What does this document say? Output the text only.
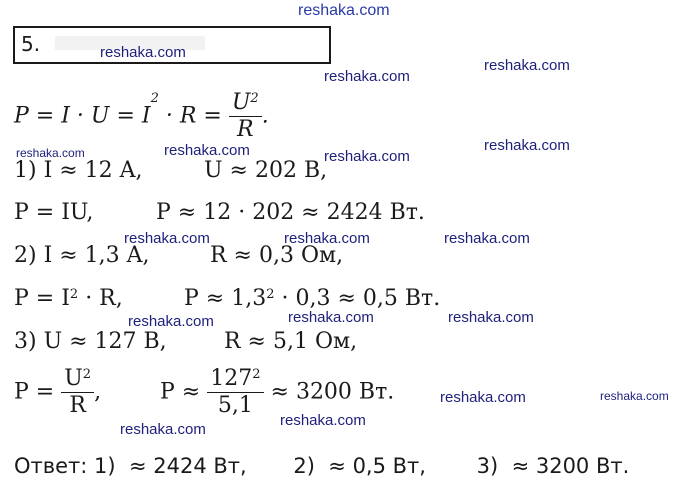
reshaka.com
5.
$P = I \cdot U = I^2 \cdot R = \frac{U^2}{R}$ .
1) I ≈ 12 A,	U ≈ 202 B,
P = IU,	P ≈ 12 · 202 ≈ 2424 Вт.
2) I ≈ 1,3 A,	R ≈ 0,3 Ом,
$P = I^2 \cdot R$,	$P \approx 1,3^2 \cdot 0,3 \approx 0,5$ Вт.
3) U ≈ 127 B,	R ≈ 5,1 Ом,
$P = \frac{U^2}{R}$ ,	$P \approx \frac{127^2}{5,1} \approx 3200$ Вт.
Ответ: 1) ≈ 2424 Вт, 2) ≈ 0,5 Вт, 3) ≈ 3200 Вт.
reshaka.com
reshaka.com
reshaka.com
reshaka.com	reshaka.com	reshaka.com
reshaka.com
reshaka.com	reshaka.com	reshaka.com
reshaka.com	reshaka.com	reshaka.com
reshaka.com	reshaka.com
reshaka.com
reshaka.com
